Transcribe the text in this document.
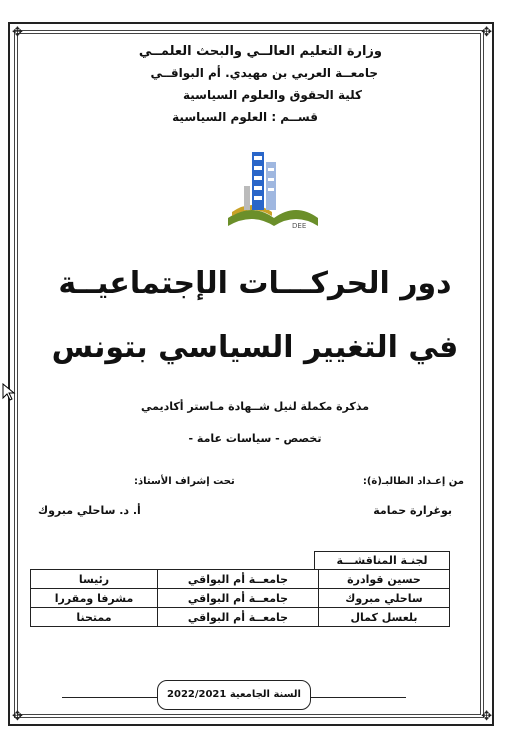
✥	✥
✥	✥
وزارة التعليم العالــي والبحث العلمــي
جامعــة العربي بن مهيدي. أم البواقــي
كلية الحقوق والعلوم السياسية
قســم : العلوم السياسية
DEE
دور الحركـــات الإجتماعيــة
في التغيير السياسي بتونس
مذكرة مكملة لنيل شــهادة مـاستر أكاديمي
تخصص - سياسات عامة -
من إعـداد الطالبـ(ة):
بوغرارة حمامة
تحت إشراف الأستاذ:
أ. د. ساحلي مبروك
لجنـة المناقشـــة
رئيسا	جامعــة أم البواقي	حسين قوادرة
مشرفا ومقررا	جامعــة أم البواقي	ساحلي مبروك
ممتحنا	جامعــة أم البواقي	بلعسل كمال
السنة الجامعية 2022/2021
